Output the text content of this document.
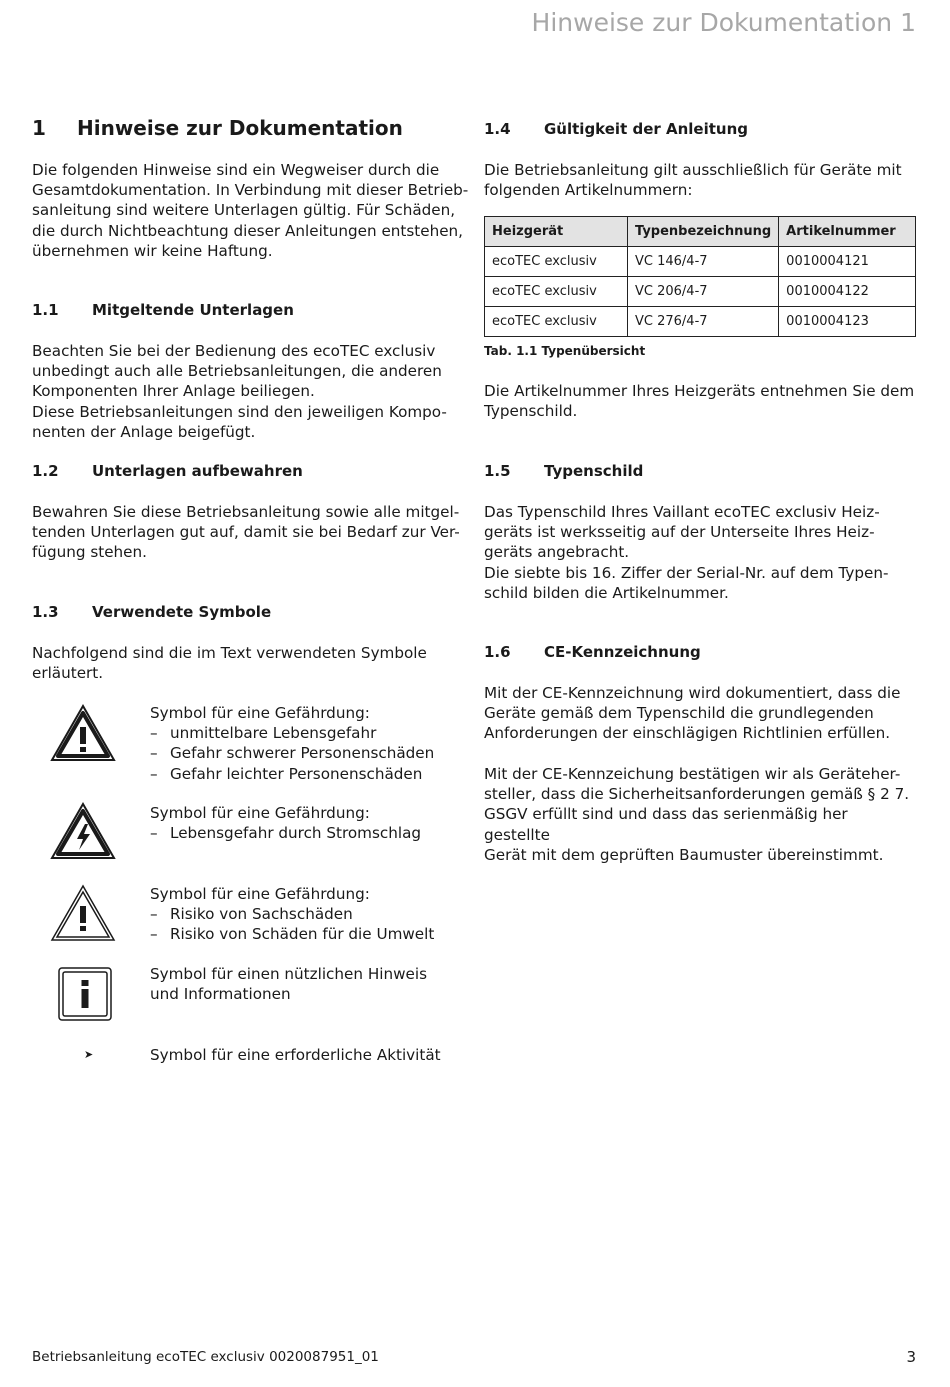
Hinweise zur Dokumentation 1
1 Hinweise zur Dokumentation
Die folgenden Hinweise sind ein Wegweiser durch die
Gesamtdokumentation. In Verbindung mit dieser Betrieb-
sanleitung sind weitere Unterlagen gültig. Für Schäden,
die durch Nichtbeachtung dieser Anleitungen entstehen,
übernehmen wir keine Haftung.
1.1 Mitgeltende Unterlagen
Beachten Sie bei der Bedienung des ecoTEC exclusiv
unbedingt auch alle Betriebsanleitungen, die anderen
Komponenten Ihrer Anlage beiliegen.
Diese Betriebsanleitungen sind den jeweiligen Kompo-
nenten der Anlage beigefügt.
1.2 Unterlagen aufbewahren
Bewahren Sie diese Betriebsanleitung sowie alle mitgel-
tenden Unterlagen gut auf, damit sie bei Bedarf zur Ver-
fügung stehen.
1.3 Verwendete Symbole
Nachfolgend sind die im Text verwendeten Symbole
erläutert.
Symbol für eine Gefährdung:
– unmittelbare Lebensgefahr
– Gefahr schwerer Personenschäden
– Gefahr leichter Personenschäden
Symbol für eine Gefährdung:
– Lebensgefahr durch Stromschlag
Symbol für eine Gefährdung:
– Risiko von Sachschäden
– Risiko von Schäden für die Umwelt
Symbol für einen nützlichen Hinweis
und Informationen
➤	Symbol für eine erforderliche Aktivität
1.4 Gültigkeit der Anleitung
Die Betriebsanleitung gilt ausschließlich für Geräte mit
folgenden Artikelnummern:
Heizgerät	Typenbezeichnung	Artikelnummer
ecoTEC exclusiv	VC 146/4-7	0010004121
ecoTEC exclusiv	VC 206/4-7	0010004122
ecoTEC exclusiv	VC 276/4-7	0010004123
Tab. 1.1 Typenübersicht
Die Artikelnummer Ihres Heizgeräts entnehmen Sie dem
Typenschild.
1.5 Typenschild
Das Typenschild Ihres Vaillant ecoTEC exclusiv Heiz-
geräts ist werksseitig auf der Unterseite Ihres Heiz-
geräts angebracht.
Die siebte bis 16. Ziffer der Serial-Nr. auf dem Typen-
schild bilden die Artikelnummer.
1.6 CE-Kennzeichnung
Mit der CE-Kennzeichnung wird dokumentiert, dass die
Geräte gemäß dem Typenschild die grundlegenden
Anforderungen der einschlägigen Richtlinien erfüllen.
Mit der CE-Kennzeichung bestätigen wir als Geräteher-
steller, dass die Sicherheitsanforderungen gemäß § 2 7.
GSGV erfüllt sind und dass das serienmäßig her gestellte
Gerät mit dem geprüften Baumuster übereinstimmt.
Betriebsanleitung ecoTEC exclusiv 0020087951_01	3
